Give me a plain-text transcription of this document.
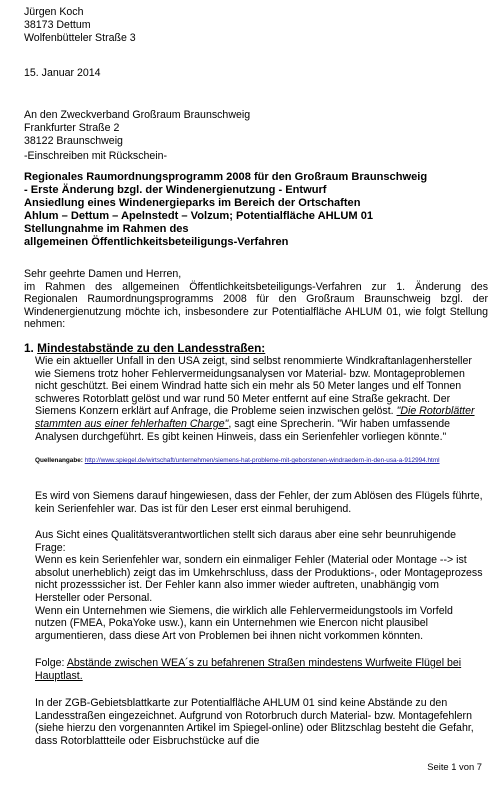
Jürgen Koch
38173 Dettum
Wolfenbütteler Straße 3
15. Januar 2014
An den Zweckverband Großraum Braunschweig
Frankfurter Straße 2
38122 Braunschweig
-Einschreiben mit Rückschein-
Regionales Raumordnungsprogramm 2008 für den Großraum Braunschweig
- Erste Änderung bzgl. der Windenergienutzung - Entwurf
Ansiedlung eines Windenergieparks im Bereich der Ortschaften
Ahlum – Dettum – Apelnstedt – Volzum; Potentialfläche AHLUM 01
Stellungnahme im Rahmen des
allgemeinen Öffentlichkeitsbeteiligungs-Verfahren
Sehr geehrte Damen und Herren,
im Rahmen des allgemeinen Öffentlichkeitsbeteiligungs-Verfahren zur 1. Änderung des Regionalen Raumordnungsprogramms 2008 für den Großraum Braunschweig bzgl. der Windenergienutzung möchte ich, insbesondere zur Potentialfläche AHLUM 01, wie folgt Stellung nehmen:
1. Mindestabstände zu den Landesstraßen:
Wie ein aktueller Unfall in den USA zeigt, sind selbst renommierte Windkraftanlagenhersteller wie Siemens trotz hoher Fehlervermeidungsanalysen vor Material- bzw. Montageproblemen nicht geschützt. Bei einem Windrad hatte sich ein mehr als 50 Meter langes und elf Tonnen schweres Rotorblatt gelöst und war rund 50 Meter entfernt auf eine Straße gekracht. Der Siemens Konzern erklärt auf Anfrage, die Probleme seien inzwischen gelöst. "Die Rotorblätter stammten aus einer fehlerhaften Charge", sagt eine Sprecherin. "Wir haben umfassende Analysen durchgeführt. Es gibt keinen Hinweis, dass ein Serienfehler vorliegen könnte."
Quellenangabe: http://www.spiegel.de/wirtschaft/unternehmen/siemens-hat-probleme-mit-geborstenen-windraedern-in-den-usa-a-912994.html
Es wird von Siemens darauf hingewiesen, dass der Fehler, der zum Ablösen des Flügels führte, kein Serienfehler war. Das ist für den Leser erst einmal beruhigend.
Aus Sicht eines Qualitätsverantwortlichen stellt sich daraus aber eine sehr beunruhigende Frage:
Wenn es kein Serienfehler war, sondern ein einmaliger Fehler (Material oder Montage --> ist absolut unerheblich) zeigt das im Umkehrschluss, dass der Produktions-, oder Montageprozess nicht prozesssicher ist. Der Fehler kann also immer wieder auftreten, unabhängig vom Hersteller oder Personal.
Wenn ein Unternehmen wie Siemens, die wirklich alle Fehlervermeidungstools im Vorfeld nutzen (FMEA, PokaYoke usw.), kann ein Unternehmen wie Enercon nicht plausibel argumentieren, dass diese Art von Problemen bei ihnen nicht vorkommen könnten.
Folge: Abstände zwischen WEA´s zu befahrenen Straßen mindestens Wurfweite Flügel bei Hauptlast.
In der ZGB-Gebietsblattkarte zur Potentialfläche AHLUM 01 sind keine Abstände zu den Landesstraßen eingezeichnet. Aufgrund von Rotorbruch durch Material- bzw. Montagefehlern (siehe hierzu den vorgenannten Artikel im Spiegel-online) oder Blitzschlag besteht die Gefahr, dass Rotorblattteile oder Eisbruchstücke auf die
Seite 1 von 7
